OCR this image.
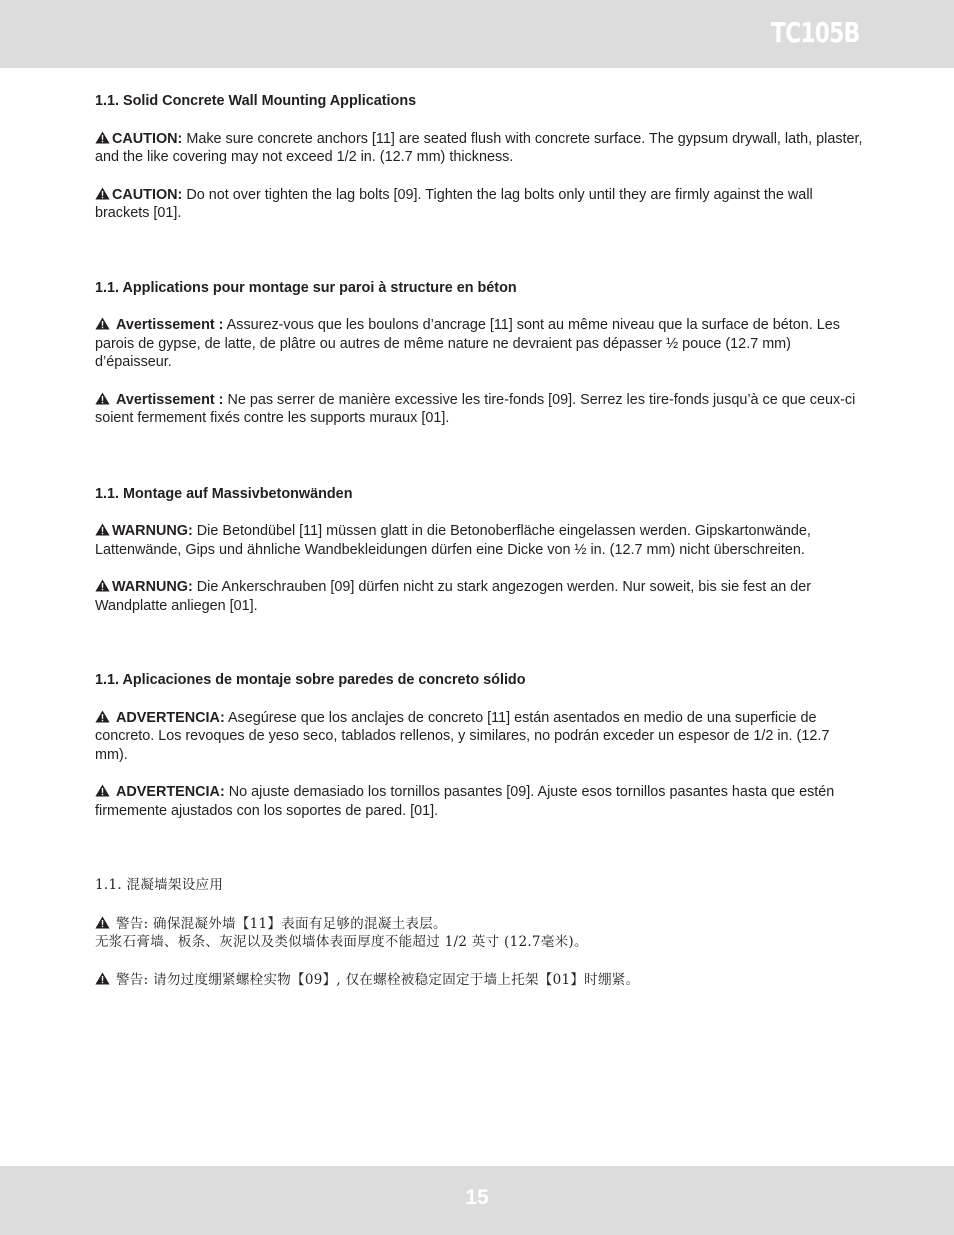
TC105B

1.1. Solid Concrete Wall Mounting Applications

CAUTION: Make sure concrete anchors [11] are seated flush with concrete surface. The gypsum drywall, lath, plaster, and the like covering may not exceed 1/2 in. (12.7 mm) thickness.

CAUTION: Do not over tighten the lag bolts [09]. Tighten the lag bolts only until they are firmly against the wall brackets [01].

1.1. Applications pour montage sur paroi à structure en béton

Avertissement : Assurez-vous que les boulons d’ancrage [11] sont au même niveau que la surface de béton. Les parois de gypse, de latte, de plâtre ou autres de même nature ne devraient pas dépasser ½ pouce (12.7 mm) d’épaisseur.

Avertissement : Ne pas serrer de manière excessive les tire-fonds [09]. Serrez les tire-fonds jusqu’à ce que ceux-ci soient fermement fixés contre les supports muraux [01].

1.1. Montage auf Massivbetonwänden

WARNUNG: Die Betondübel [11] müssen glatt in die Betonoberfläche eingelassen werden. Gipskartonwände, Lattenwände, Gips und ähnliche Wandbekleidungen dürfen eine Dicke von ½ in. (12.7 mm) nicht überschreiten.

WARNUNG: Die Ankerschrauben [09] dürfen nicht zu stark angezogen werden. Nur soweit, bis sie fest an der Wandplatte anliegen [01].

1.1. Aplicaciones de montaje sobre paredes de concreto sólido

ADVERTENCIA: Asegúrese que los anclajes de concreto [11] están asentados en medio de una superficie de concreto. Los revoques de yeso seco, tablados rellenos, y similares, no podrán exceder un espesor de 1/2 in. (12.7 mm).

ADVERTENCIA: No ajuste demasiado los tornillos pasantes [09]. Ajuste esos tornillos pasantes hasta que estén firmemente ajustados con los soportes de pared. [01].

1.1. 混凝墙架设应用

警告: 确保混凝外墙【11】表面有足够的混凝土表层。
无浆石膏墙、板条、灰泥以及类似墙体表面厚度不能超过 1/2 英寸 (12.7毫米)。

警告: 请勿过度绷紧螺栓实物【09】, 仅在螺栓被稳定固定于墙上托架【01】时绷紧。

15
